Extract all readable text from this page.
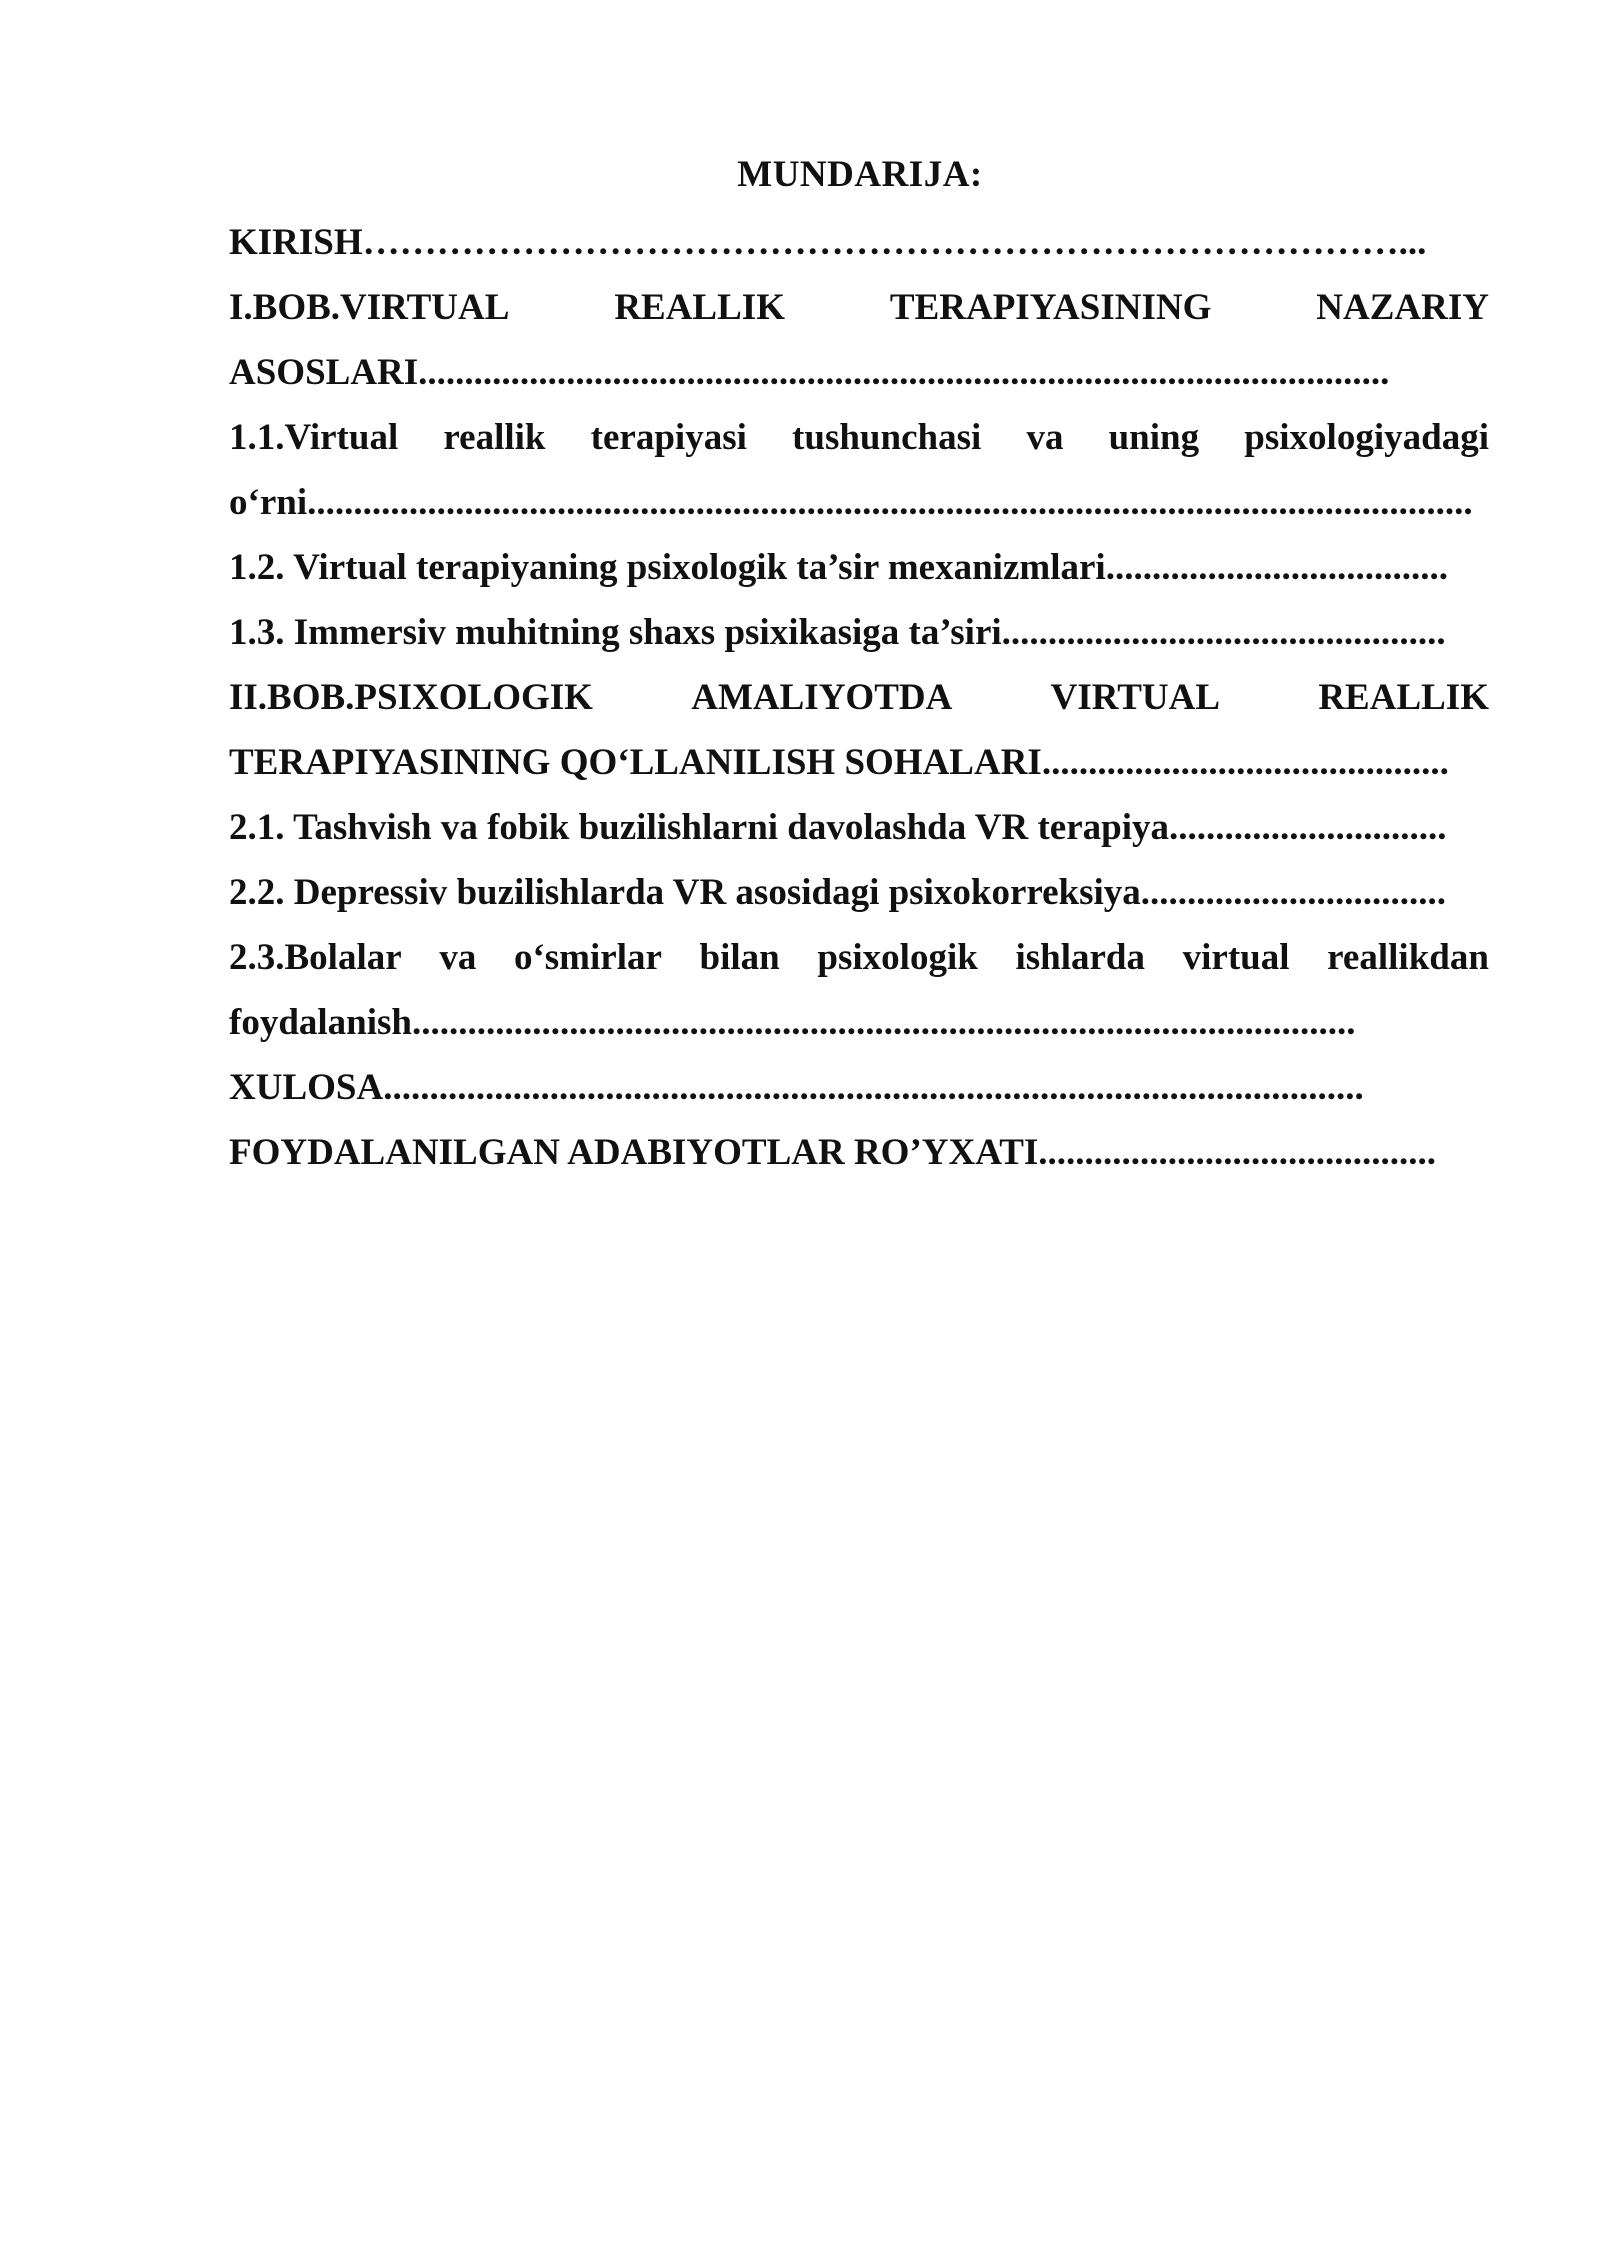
MUNDARIJA:
KIRISH…………………………………………………………………………...
I.BOB.VIRTUAL	REALLIK	TERAPIYASINING	NAZARIY
ASOSLARI.........................................................................................................
1.1.Virtual reallik terapiyasi tushunchasi va uning psixologiyadagi
o‘rni..............................................................................................................................
1.2. Virtual terapiyaning psixologik ta’sir mexanizmlari.....................................
1.3. Immersiv muhitning shaxs psixikasiga ta’siri................................................
II.BOB.PSIXOLOGIK	AMALIYOTDA	VIRTUAL	REALLIK
TERAPIYASINING QO‘LLANILISH SOHALARI............................................
2.1. Tashvish va fobik buzilishlarni davolashda VR terapiya..............................
2.2. Depressiv buzilishlarda VR asosidagi psixokorreksiya.................................
2.3.Bolalar va o‘smirlar bilan psixologik ishlarda virtual reallikdan
foydalanish......................................................................................................
XULOSA..........................................................................................................
FOYDALANILGAN ADABIYOTLAR RO’YXATI...........................................
